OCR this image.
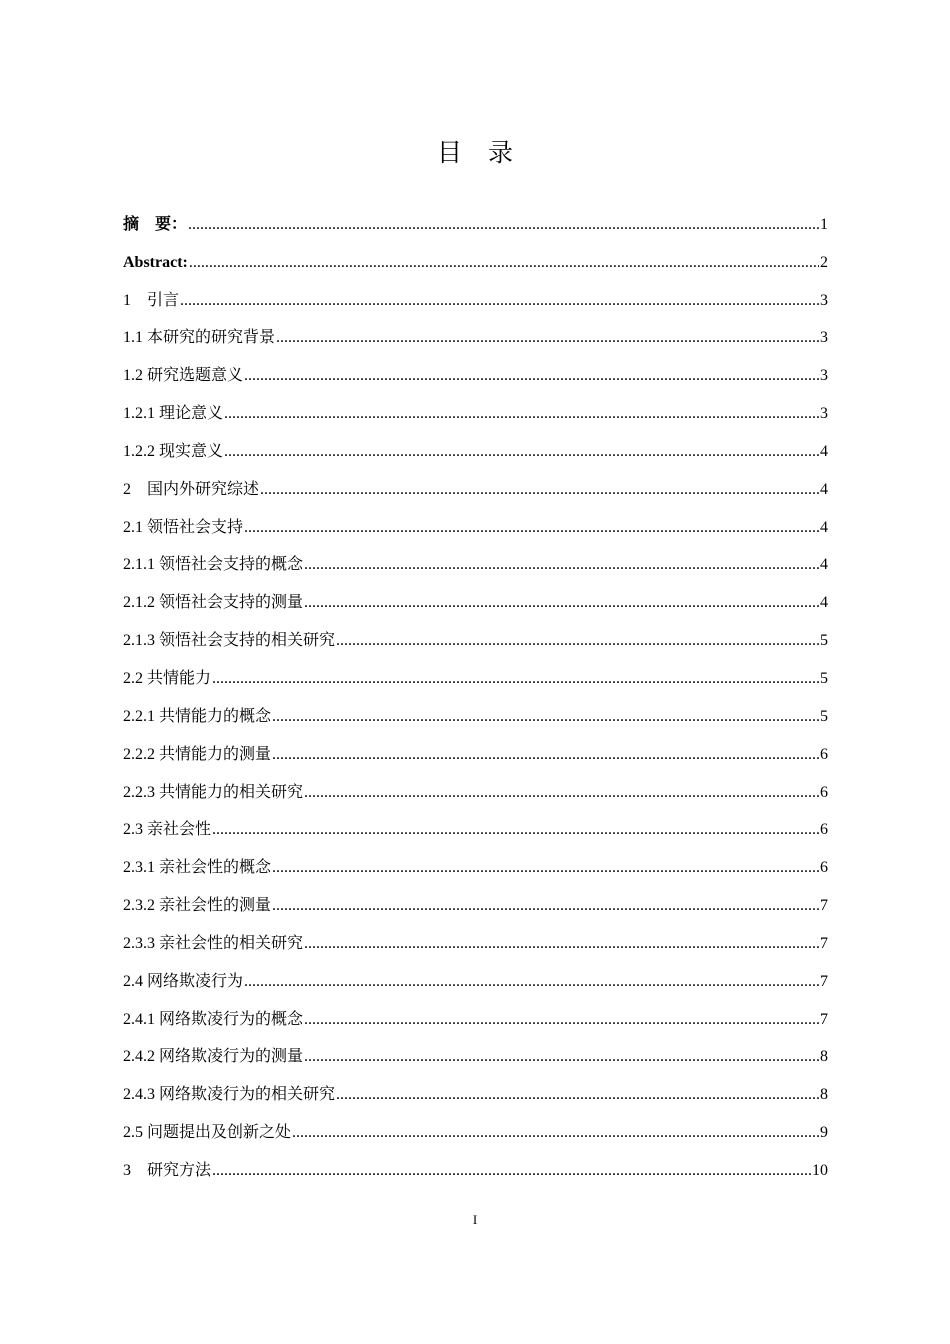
目录
摘　要： .....	1
Abstract: .....	2
1　引言 .....	3
1.1 本研究的研究背景 .....	3
1.2 研究选题意义 .....	3
1.2.1 理论意义 .....	3
1.2.2 现实意义 .....	4
2　国内外研究综述 .....	4
2.1 领悟社会支持 .....	4
2.1.1 领悟社会支持的概念 .....	4
2.1.2 领悟社会支持的测量 .....	4
2.1.3 领悟社会支持的相关研究 .....	5
2.2 共情能力 .....	5
2.2.1 共情能力的概念 .....	5
2.2.2 共情能力的测量 .....	6
2.2.3 共情能力的相关研究 .....	6
2.3 亲社会性 .....	6
2.3.1 亲社会性的概念 .....	6
2.3.2 亲社会性的测量 .....	7
2.3.3 亲社会性的相关研究 .....	7
2.4 网络欺凌行为 .....	7
2.4.1 网络欺凌行为的概念 .....	7
2.4.2 网络欺凌行为的测量 .....	8
2.4.3 网络欺凌行为的相关研究 .....	8
2.5 问题提出及创新之处 .....	9
3　研究方法 .....	10
I
